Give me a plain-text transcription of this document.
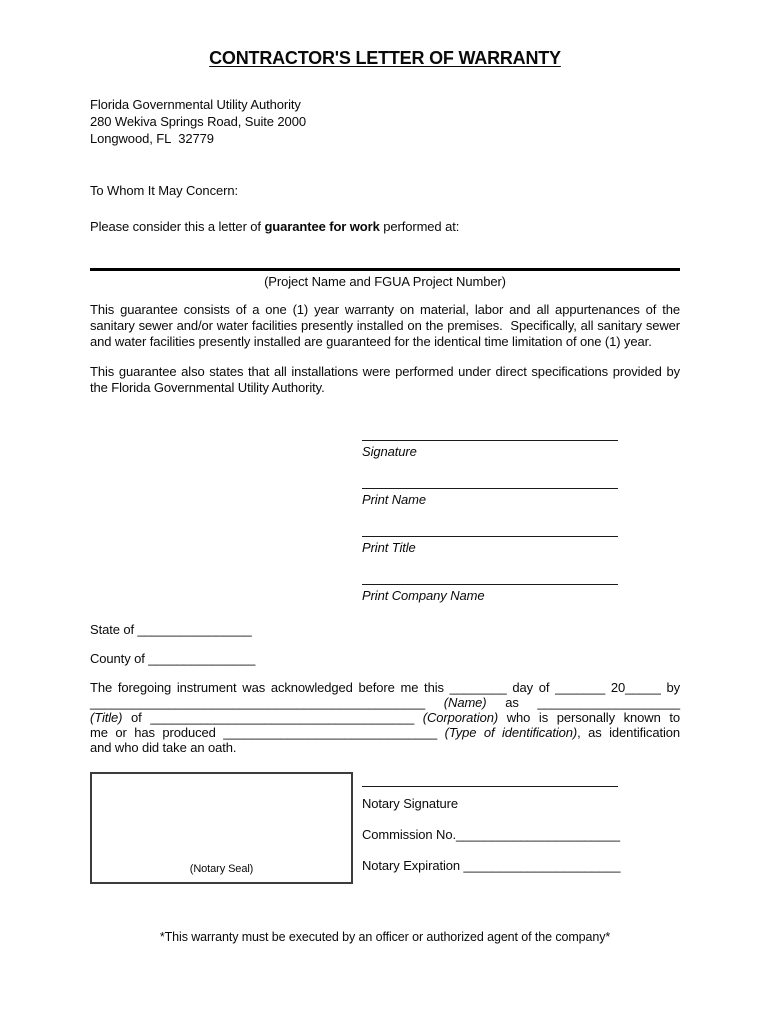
CONTRACTOR'S LETTER OF WARRANTY
Florida Governmental Utility Authority
280 Wekiva Springs Road, Suite 2000
Longwood, FL  32779

To Whom It May Concern:

Please consider this a letter of guarantee for work performed at:

(Project Name and FGUA Project Number)

This guarantee consists of a one (1) year warranty on material, labor and all appurtenances of the sanitary sewer and/or water facilities presently installed on the premises.  Specifically, all sanitary sewer and water facilities presently installed are guaranteed for the identical time limitation of one (1) year.

This guarantee also states that all installations were performed under direct specifications provided by the Florida Governmental Utility Authority.

Signature
Print Name
Print Title
Print Company Name

State of ________________

County of _______________

The foregoing instrument was acknowledged before me this ________ day of _______ 20_____ by
_______________________________________________ (Name) as ____________________
(Title) of _____________________________________ (Corporation) who is personally known to
me or has produced ______________________________ (Type of identification), as identification
and who did take an oath.
(Notary Seal)
Notary Signature
Commission No._______________________
Notary Expiration ______________________

*This warranty must be executed by an officer or authorized agent of the company*
